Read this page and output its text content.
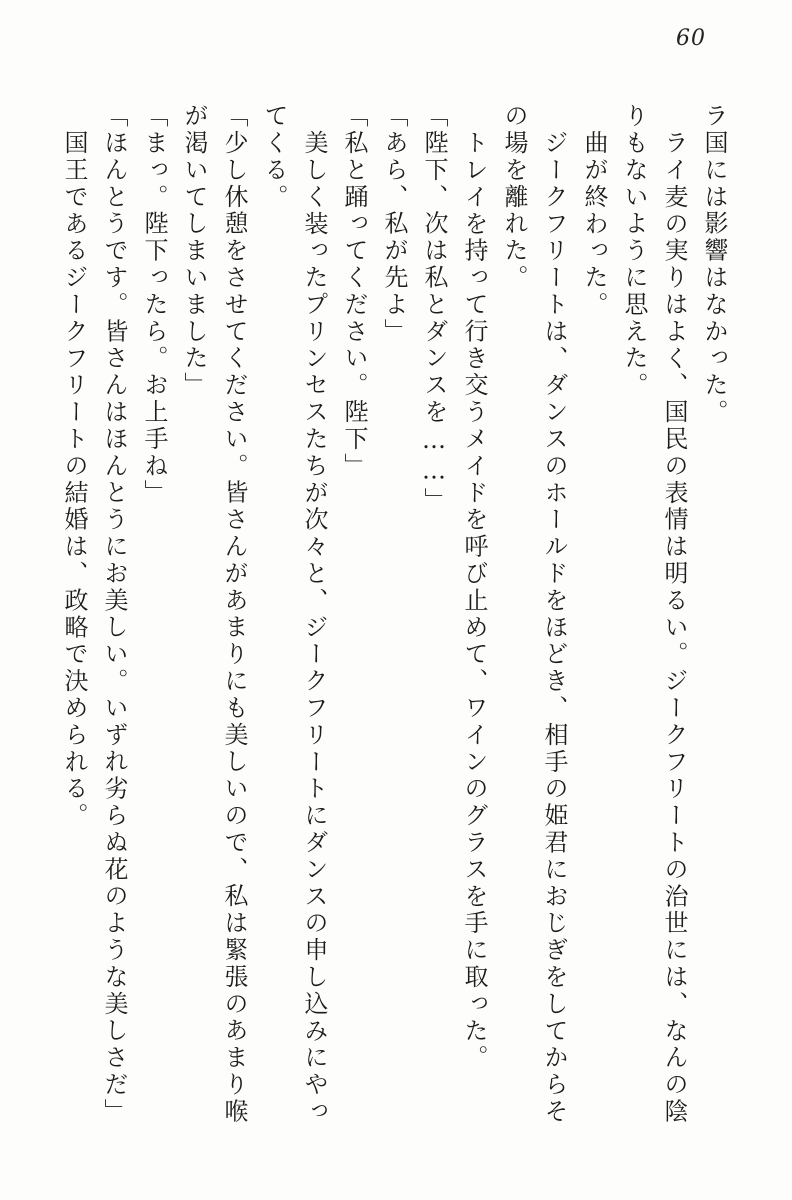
60
ラ国には影響はなかった。
ライ麦の実りはよく、国民の表情は明るい。ジークフリートの治世には、なんの陰
りもないように思えた。
曲が終わった。
ジークフリートは、ダンスのホールドをほどき、相手の姫君におじぎをしてからそ
の場を離れた。
トレイを持って行き交うメイドを呼び止めて、ワインのグラスを手に取った。
「陛下、次は私とダンスを……」
「あら、私が先よ」
「私と踊ってください。陛下」
美しく装ったプリンセスたちが次々と、ジークフリートにダンスの申し込みにやっ
てくる。
「少し休憩をさせてください。皆さんがあまりにも美しいので、私は緊張のあまり喉
が渇いてしまいました」
「まっ。陛下ったら。お上手ね」
「ほんとうです。皆さんはほんとうにお美しい。いずれ劣らぬ花のような美しさだ」
国王であるジークフリートの結婚は、政略で決められる。
